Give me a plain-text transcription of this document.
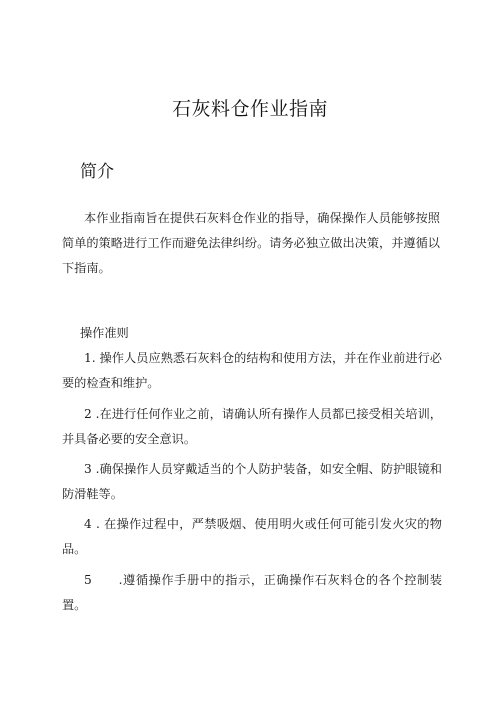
石灰料仓作业指南
简介

本作业指南旨在提供石灰料仓作业的指导，确保操作人员能够按照简单的策略进行工作而避免法律纠纷。请务必独立做出决策，并遵循以下指南。

操作准则

1. 操作人员应熟悉石灰料仓的结构和使用方法，并在作业前进行必要的检查和维护。

2 .在进行任何作业之前，请确认所有操作人员都已接受相关培训，并具备必要的安全意识。

3 .确保操作人员穿戴适当的个人防护装备，如安全帽、防护眼镜和防滑鞋等。

4 . 在操作过程中，严禁吸烟、使用明火或任何可能引发火灾的物品。

5      .遵循操作手册中的指示，正确操作石灰料仓的各个控制装置。
